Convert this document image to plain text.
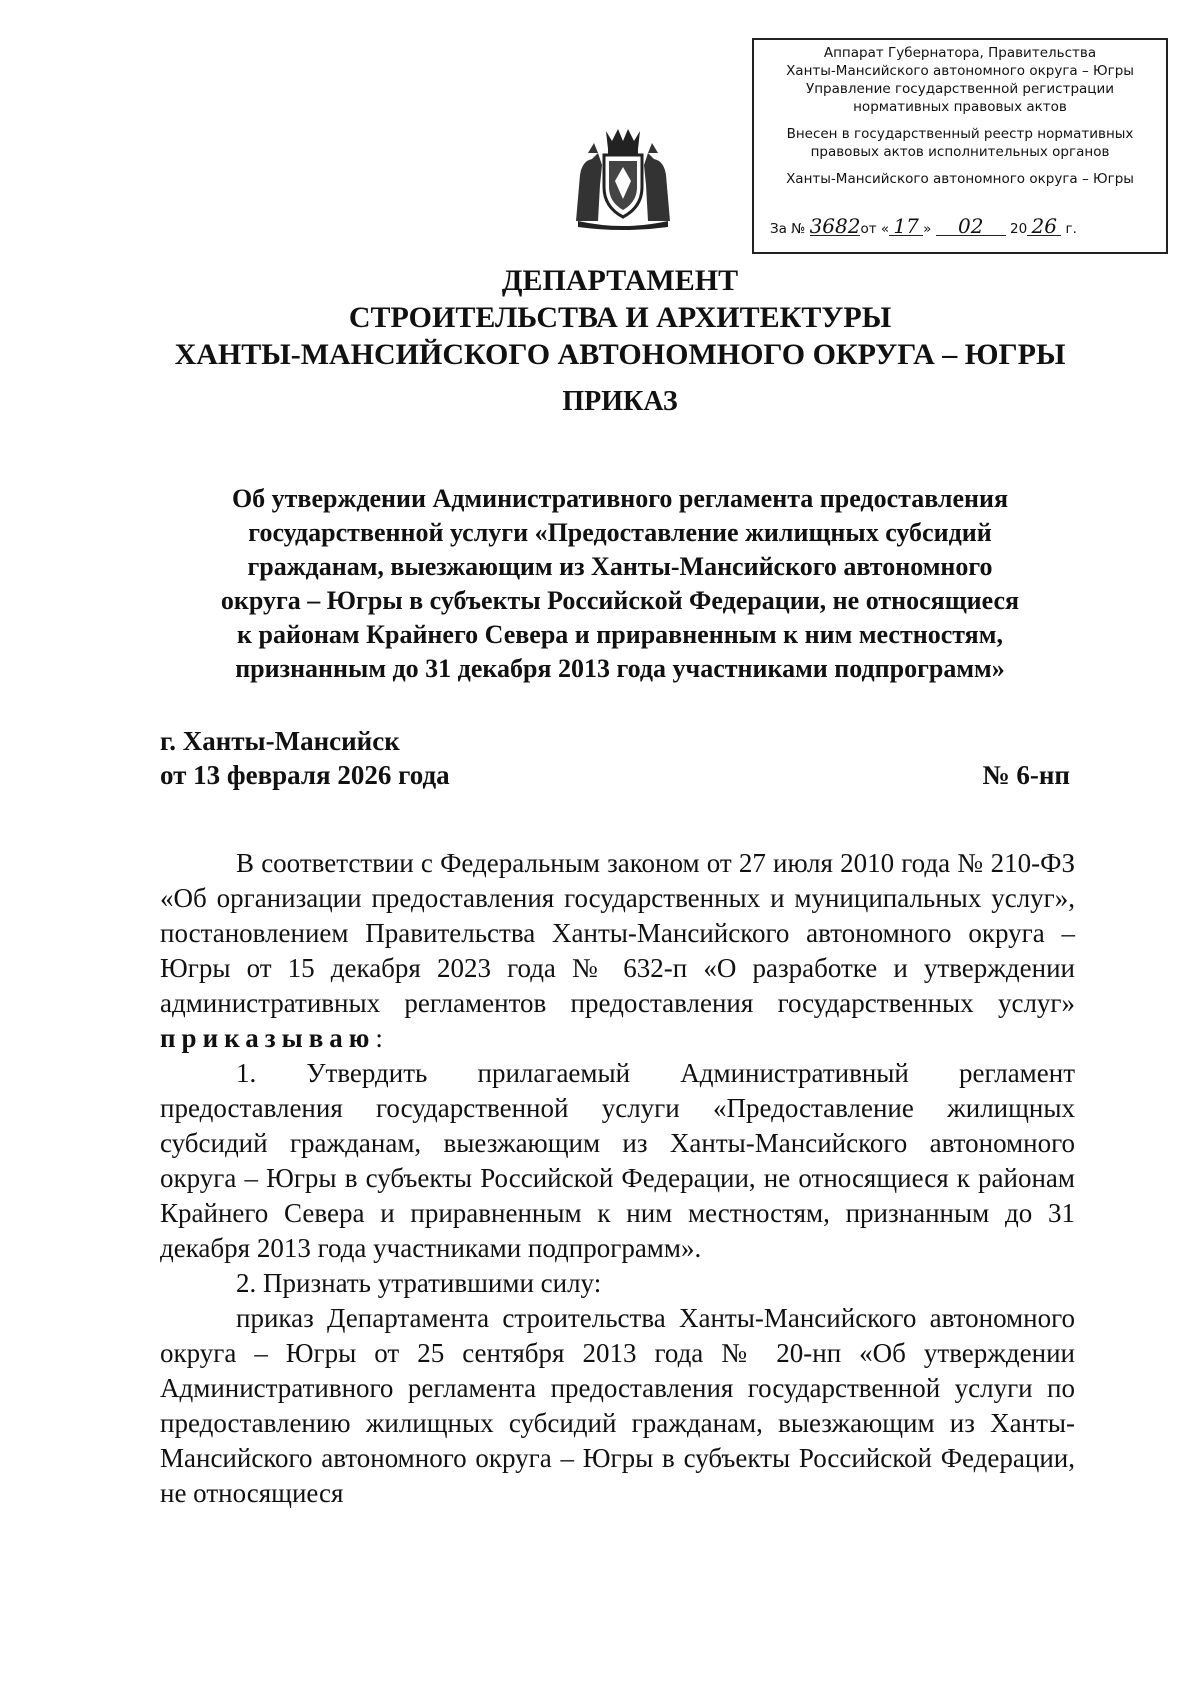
Аппарат Губернатора, Правительства
Ханты-Мансийского автономного округа – Югры
Управление государственной регистрации
нормативных правовых актов
Внесен в государственный реестр нормативных
правовых актов исполнительных органов
Ханты-Мансийского автономного округа – Югры
За № 3682от « 17 » 02 20 26 г.
ДЕПАРТАМЕНТ
СТРОИТЕЛЬСТВА И АРХИТЕКТУРЫ
ХАНТЫ-МАНСИЙСКОГО АВТОНОМНОГО ОКРУГА – ЮГРЫ
ПРИКАЗ
Об утверждении Административного регламента предоставления
государственной услуги «Предоставление жилищных субсидий
гражданам, выезжающим из Ханты-Мансийского автономного
округа – Югры в субъекты Российской Федерации, не относящиеся
к районам Крайнего Севера и приравненным к ним местностям,
признанным до 31 декабря 2013 года участниками подпрограмм»
г. Ханты-Мансийск
от 13 февраля 2026 года	№ 6-нп

В соответствии с Федеральным законом от 27 июля 2010 года № 210-ФЗ «Об организации предоставления государственных и муниципальных услуг», постановлением Правительства Ханты-Мансийского автономного округа – Югры от 15 декабря 2023 года № 632-п «О разработке и утверждении административных регламентов предоставления государственных услуг» приказываю:

1. Утвердить прилагаемый Административный регламент предоставления государственной услуги «Предоставление жилищных субсидий гражданам, выезжающим из Ханты-Мансийского автономного округа – Югры в субъекты Российской Федерации, не относящиеся к районам Крайнего Севера и приравненным к ним местностям, признанным до 31 декабря 2013 года участниками подпрограмм».

2. Признать утратившими силу:

приказ Департамента строительства Ханты-Мансийского автономного округа – Югры от 25 сентября 2013 года № 20-нп «Об утверждении Административного регламента предоставления государственной услуги по предоставлению жилищных субсидий гражданам, выезжающим из Ханты-Мансийского автономного округа – Югры в субъекты Российской Федерации, не относящиеся
